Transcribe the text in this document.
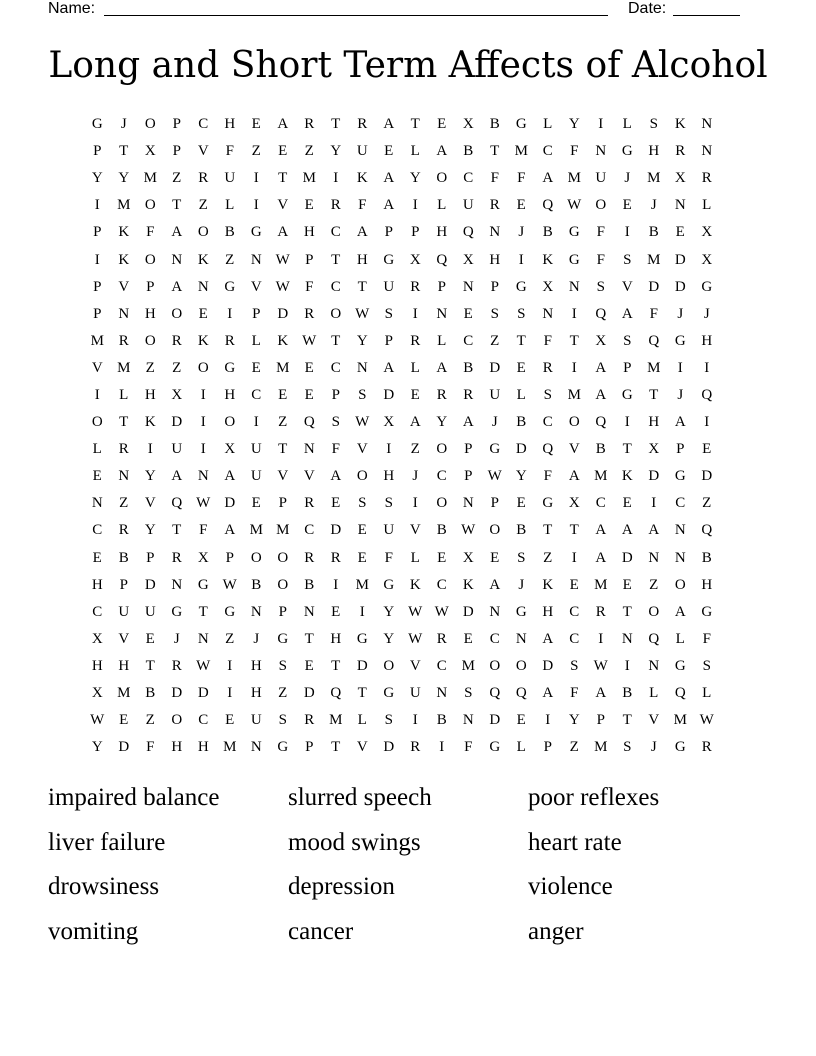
Name:	Date:
Long and Short Term Affects of Alcohol
G	J	O	P	C	H	E	A	R	T	R	A	T	E	X	B	G	L	Y	I	L	S	K	N
P	T	X	P	V	F	Z	E	Z	Y	U	E	L	A	B	T	M C	F	N	G	H	R	N
Y	Y M	Z	R	U	I	T	M	I	K	A	Y	O	C	F	F	A M U	J	M X	R
I	M O	T	Z	L	I	V	E	R	F	A	I	L	U	R	E	Q W O	E	J	N	L
P	K	F	A	O	B	G	A	H	C	A	P	P	H	Q	N	J	B	G	F	I	B	E	X
I	K	O	N	K	Z	N W	P	T	H	G	X	Q	X	H	I	K	G	F	S	M D	X
P	V	P	A	N	G	V W	F	C	T	U	R	P	N	P	G	X	N	S	V	D	D	G
P	N	H	O	E	I	P	D	R	O W	S	I	N	E	S	S	N	I	Q	A	F	J	J
M R	O	R	K	R	L	K W T	Y	P	R	L	C	Z	T	F	T	X	S	Q	G	H
V M	Z	Z	O	G	E	M	E	C	N	A	L	A	B	D	E	R	I	A	P	M	I	I
I	L	H	X	I	H	C	E	E	P	S	D	E	R	R	U	L	S	M A	G	T	J	Q
O	T	K	D	I	O	I	Z	Q	S	W X	A	Y	A	J	B	C	O	Q	I	H	A	I
L	R	I	U	I	X	U	T	N	F	V	I	Z	O	P	G	D	Q	V	B	T	X	P	E
E	N	Y	A	N	A	U	V	V	A	O	H	J	C	P	W Y	F	A M K	D	G	D
N	Z	V	Q W D	E	P	R	E	S	S	I	O	N	P	E	G	X	C	E	I	C	Z
C	R	Y	T	F	A M M C	D	E	U	V	B W O	B	T	T	A	A	A	N	Q
E	B	P	R	X	P	O	O	R	R	E	F	L	E	X	E	S	Z	I	A	D	N	N	B
H	P	D	N	G W B	O	B	I	M G	K	C	K	A	J	K	E	M	E	Z	O	H
C	U	U	G	T	G	N	P	N	E	I	Y W W D	N	G	H	C	R	T	O	A	G
X	V	E	J	N	Z	J	G	T	H	G	Y W R	E	C	N	A	C	I	N	Q	L	F
H	H	T	R W	I	H	S	E	T	D	O	V	C M O	O	D	S	W	I	N	G	S
X M B	D	D	I	H	Z	D	Q	T	G	U	N	S	Q	Q	A	F	A	B	L	Q	L
W E	Z	O	C	E	U	S	R M	L	S	I	B	N	D	E	I	Y	P	T	V M W
Y	D	F	H	H M N	G	P	T	V	D	R	I	F	G	L	P	Z	M	S	J	G	R
impaired balance	slurred speech	poor reflexes
liver failure	mood swings	heart rate
drowsiness	depression	violence
vomiting	cancer	anger
